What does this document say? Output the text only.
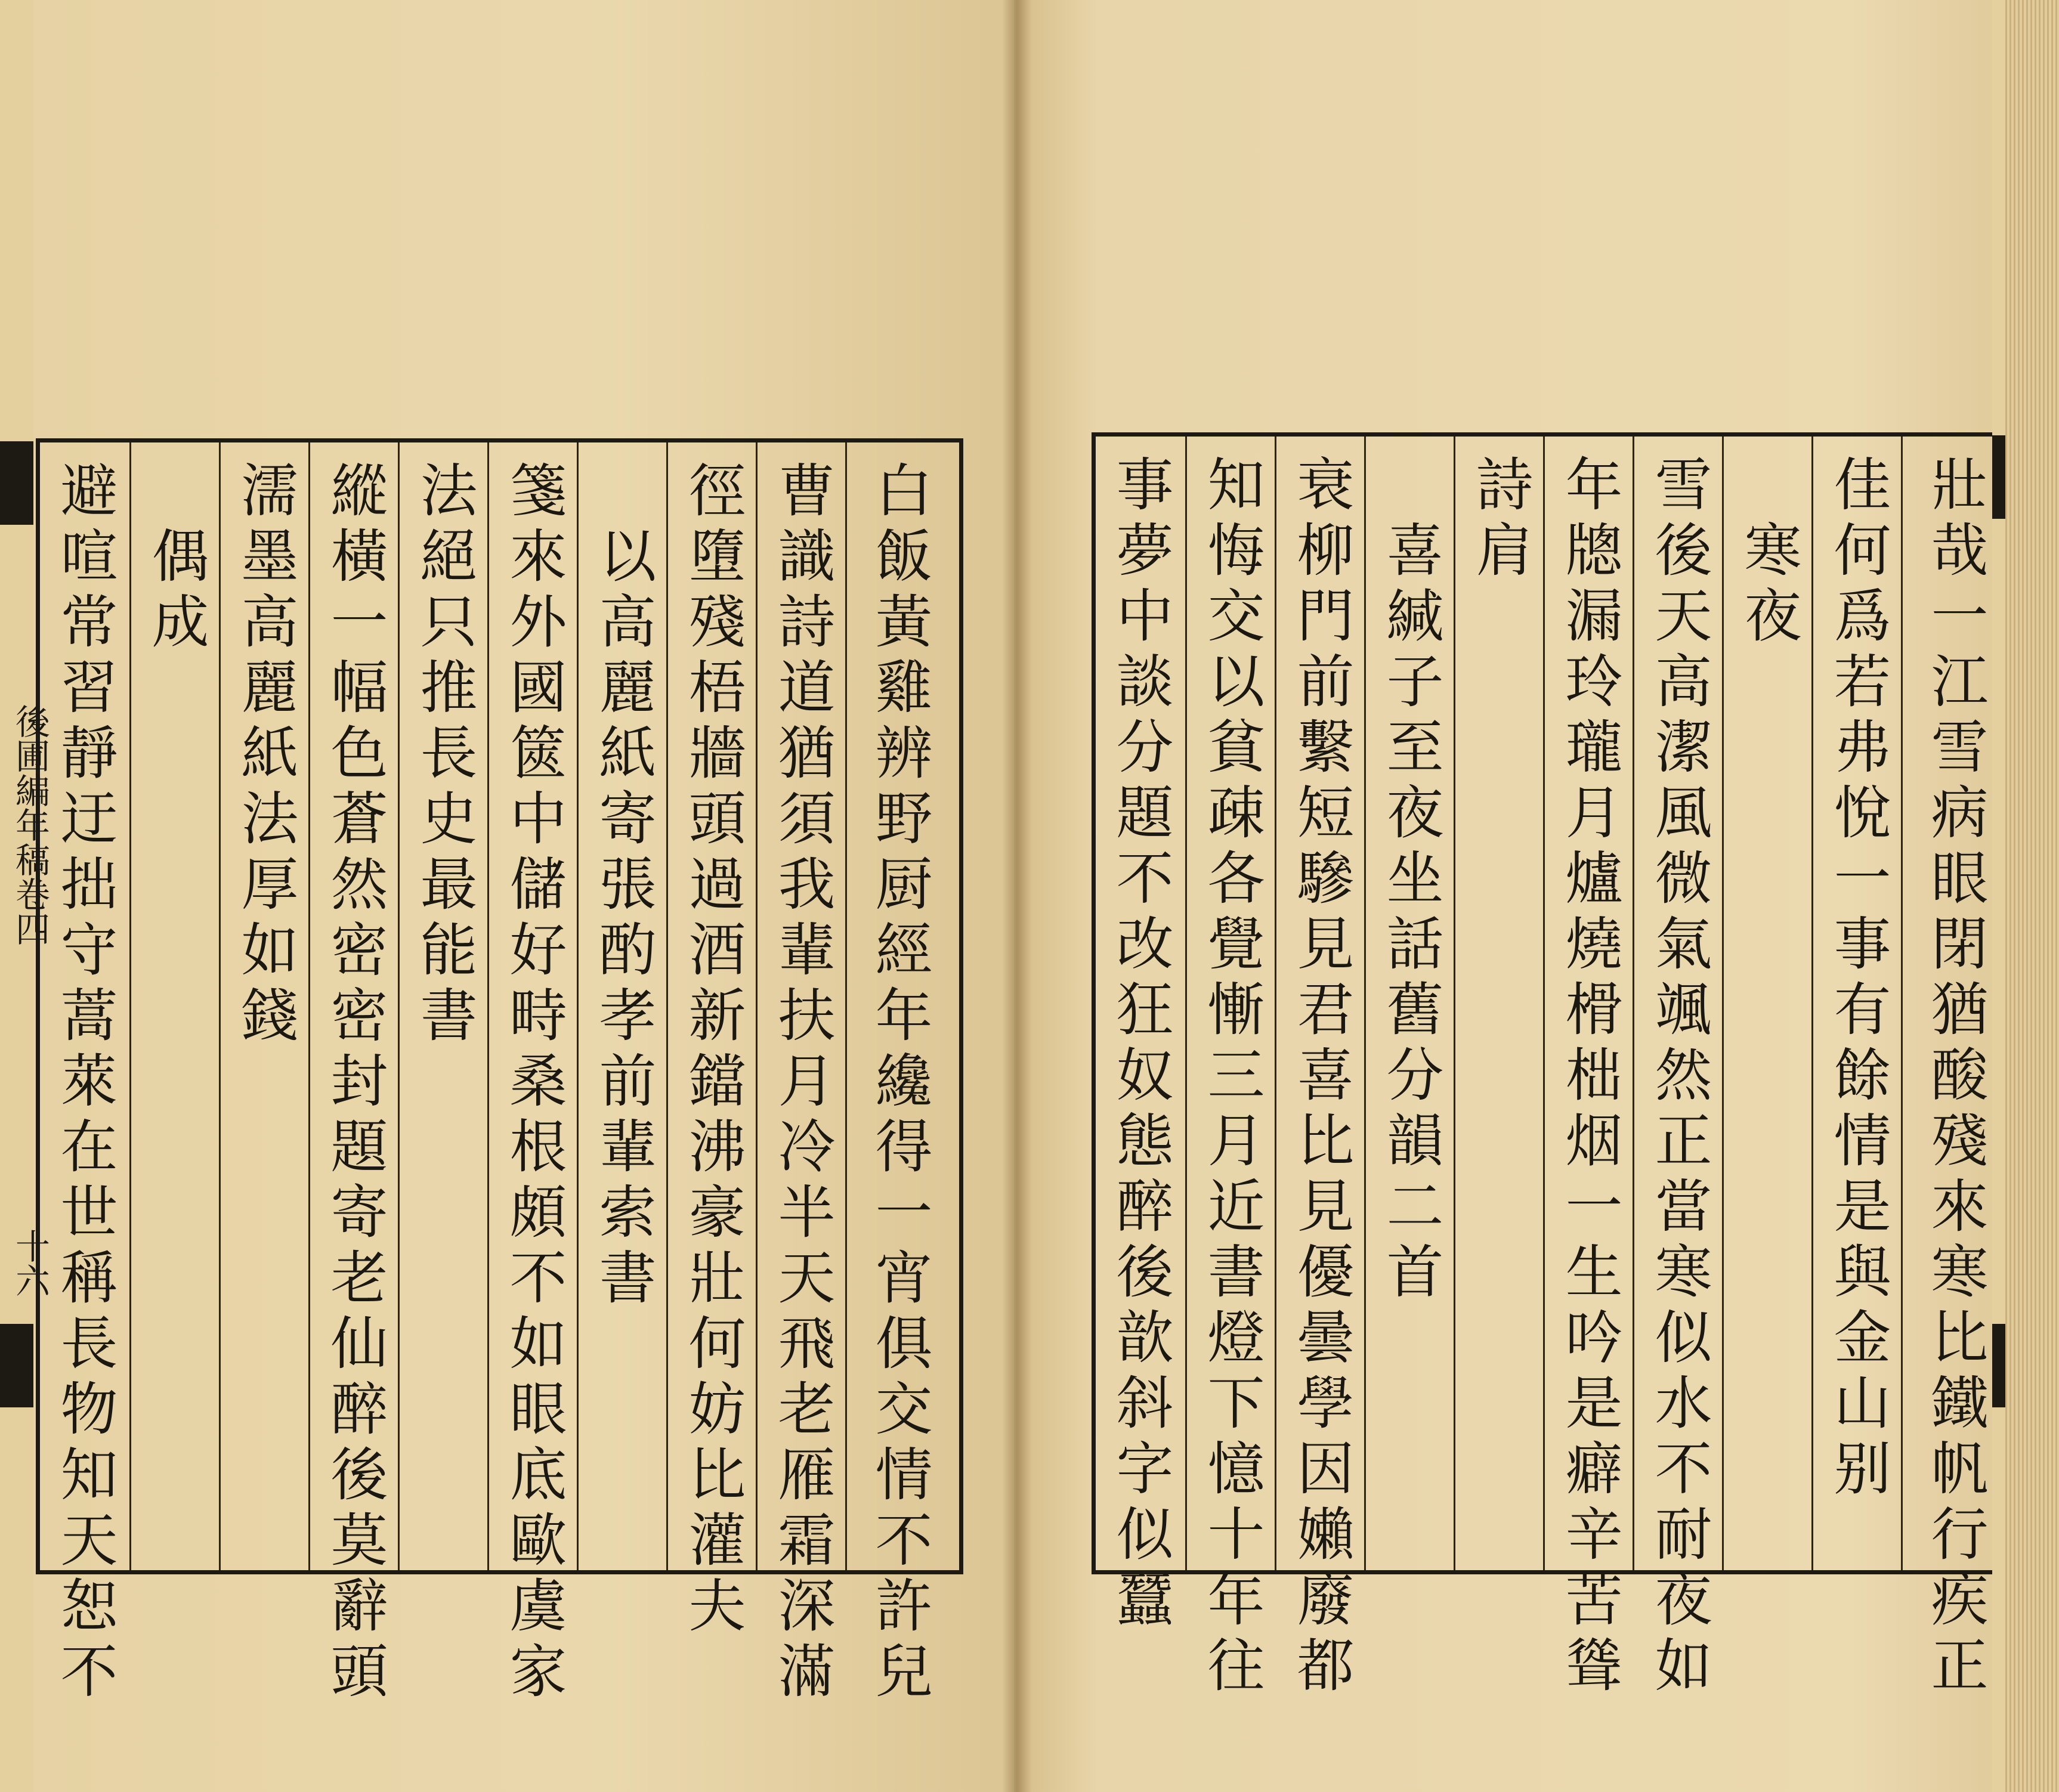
避喧常習靜迂拙守蒿萊在世稱長物知天恕不 　偶成 濡墨高麗紙法厚如錢 縱橫一幅色蒼然密密封題寄老仙醉後莫辭頭 法絕只推長史最能書 箋來外國篋中儲好畤桑根頗不如眼底歐虞家 　以高麗紙寄張酌孝前輩索書 徑墮殘梧牆頭過酒新鐺沸豪壯何妨比灌夫 曹識詩道猶須我輩扶月冷半天飛老雁霜深滿 白飯黃雞辨野厨經年纔得一宵俱交情不許兒
後圃編年稿卷四
十六	事夢中談分題不改狂奴態醉後歆斜字似蠶 知悔交以貧疎各覺慚三月近書燈下憶十年往 衰柳門前繫短驂見君喜比見優曇學因嬾廢都 　喜緘子至夜坐話舊分韻二首 詩肩 年牕漏玲瓏月爐燒榾柮烟一生吟是癖辛苦聳 雪後天高潔風微氣颯然正當寒似水不耐夜如 　寒夜 佳何爲若弗悅一事有餘情是與金山别 壯哉一江雪病眼閉猶酸殘來寒比鐵帆行疾正
